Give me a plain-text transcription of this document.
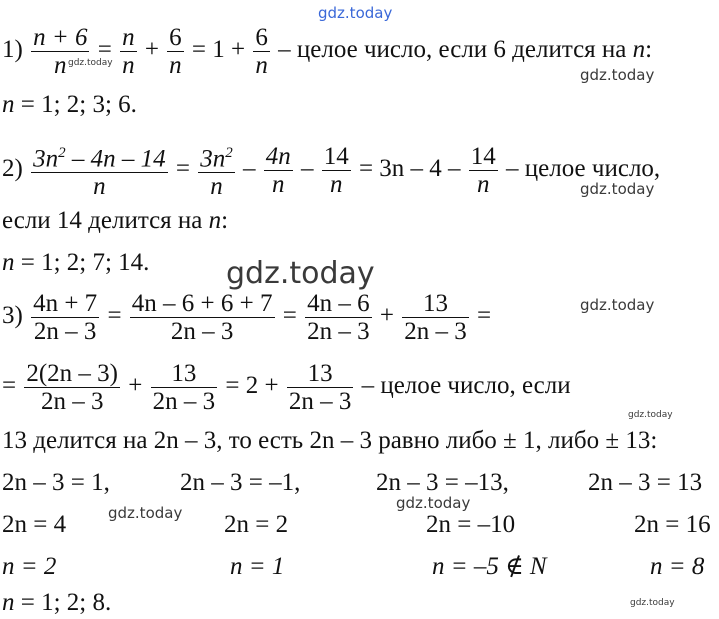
gdz.today
gdz.today
gdz.today
gdz.today
gdz.today
gdz.today
gdz.today
gdz.today
gdz.today
gdz.today
$1) \frac{n + 6}{n} = \frac{n}{n} + \frac{6}{n} = 1 + \frac{6}{n}$ – целое число, если 6 делится на n:
n = 1; 2; 3; 6.
$2) \frac{3n^2 - 4n - 14}{n} = \frac{3n^2}{n} - \frac{4n}{n} - \frac{14}{n} = 3n - 4 - \frac{14}{n}$ – целое число,
если 14 делится на n:
n = 1; 2; 7; 14.
$3) \frac{4n + 7}{2n - 3} = \frac{4n - 6 + 6 + 7}{2n - 3} = \frac{4n - 6}{2n - 3} + \frac{13}{2n - 3}$ =
= $\frac{2(2n - 3)}{2n - 3} + \frac{13}{2n - 3} = 2 + \frac{13}{2n - 3}$ – целое число, если
13 делится на 2n – 3, то есть 2n – 3 равно либо ± 1, либо ± 13:
2n – 3 = 1,	2n – 3 = –1,	2n – 3 = –13,	2n – 3 = 13
2n = 4	2n = 2	2n = –10	2n = 16
n = 2	n = 1	n = –5 ∉ N	n = 8
n = 1; 2; 8.
